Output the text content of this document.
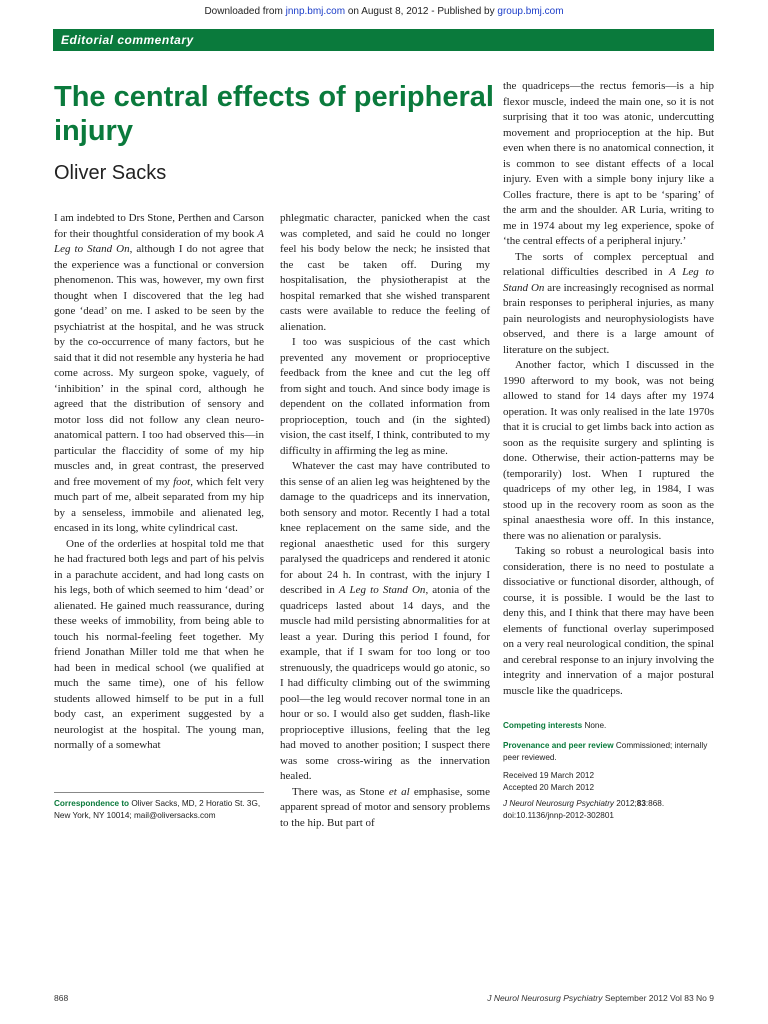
Downloaded from jnnp.bmj.com on August 8, 2012 - Published by group.bmj.com
Editorial commentary
The central effects of peripheral injury
Oliver Sacks

I am indebted to Drs Stone, Perthen and Carson for their thoughtful consideration of my book A Leg to Stand On, although I do not agree that the experience was a functional or conversion phenomenon. This was, however, my own first thought when I discovered that the leg had gone ‘dead’ on me. I asked to be seen by the psychiatrist at the hospital, and he was struck by the co-occurrence of many factors, but he said that it did not resemble any hysteria he had come across. My surgeon spoke, vaguely, of ‘inhibition’ in the spinal cord, although he agreed that the distribution of sensory and motor loss did not follow any clean neuro-anatomical pattern. I too had observed this—in particular the flaccidity of some of my hip muscles and, in great contrast, the preserved and free movement of my foot, which felt very much part of me, albeit separated from my hip by a senseless, immobile and alienated leg, encased in its long, white cylindrical cast.

One of the orderlies at hospital told me that he had fractured both legs and part of his pelvis in a parachute accident, and had long casts on his legs, both of which seemed to him ‘dead’ or alienated. He gained much reassurance, during these weeks of immobility, from being able to touch his normal-feeling feet together. My friend Jonathan Miller told me that when he had been in medical school (we qualified at much the same time), one of his fellow students allowed himself to be put in a full body cast, an experiment suggested by a neurologist at the hospital. The young man, normally of a somewhat

phlegmatic character, panicked when the cast was completed, and said he could no longer feel his body below the neck; he insisted that the cast be taken off. During my hospitalisation, the physiotherapist at the hospital remarked that she wished transparent casts were available to reduce the feeling of alienation.

I too was suspicious of the cast which prevented any movement or proprioceptive feedback from the knee and cut the leg off from sight and touch. And since body image is dependent on the collated information from proprioception, touch and (in the sighted) vision, the cast itself, I think, contributed to my difficulty in affirming the leg as mine.

Whatever the cast may have contributed to this sense of an alien leg was heightened by the damage to the quadriceps and its innervation, both sensory and motor. Recently I had a total knee replacement on the same side, and the regional anaesthetic used for this surgery paralysed the quadriceps and rendered it atonic for about 24 h. In contrast, with the injury I described in A Leg to Stand On, atonia of the quadriceps lasted about 14 days, and the muscle had mild persisting abnormalities for at least a year. During this period I found, for example, that if I swam for too long or too strenuously, the quadriceps would go atonic, so I had difficulty climbing out of the swimming pool—the leg would recover normal tone in an hour or so. I would also get sudden, flash-like proprioceptive illusions, feeling that the leg had moved to another position; I suspect there was some cross-wiring as the innervation healed.

There was, as Stone et al emphasise, some apparent spread of motor and sensory problems to the hip. But part of

the quadriceps—the rectus femoris—is a hip flexor muscle, indeed the main one, so it is not surprising that it too was atonic, undercutting movement and proprioception at the hip. But even when there is no anatomical connection, it is common to see distant effects of a local injury. Even with a simple bony injury like a Colles fracture, there is apt to be ‘sparing’ of the arm and the shoulder. AR Luria, writing to me in 1974 about my leg experience, spoke of ‘the central effects of a peripheral injury.’

The sorts of complex perceptual and relational difficulties described in A Leg to Stand On are increasingly recognised as normal brain responses to peripheral injuries, as many pain neurologists and neurophysiologists have observed, and there is a large amount of literature on the subject.

Another factor, which I discussed in the 1990 afterword to my book, was not being allowed to stand for 14 days after my 1974 operation. It was only realised in the late 1970s that it is crucial to get limbs back into action as soon as the requisite surgery and splinting is done. Otherwise, their action-patterns may be (temporarily) lost. When I ruptured the quadriceps of my other leg, in 1984, I was stood up in the recovery room as soon as the spinal anaesthesia wore off. In this instance, there was no alienation or paralysis.

Taking so robust a neurological basis into consideration, there is no need to postulate a dissociative or functional disorder, although, of course, it is possible. I would be the last to deny this, and I think that there may have been elements of functional overlay superimposed on a very real neurological condition, the spinal and cerebral response to an injury involving the integrity and innervation of a major postural muscle like the quadriceps.

Correspondence to Oliver Sacks, MD, 2 Horatio St. 3G, New York, NY 10014; mail@oliversacks.com
Competing interests None.
Provenance and peer review Commissioned; internally peer reviewed.
Received 19 March 2012
Accepted 20 March 2012
J Neurol Neurosurg Psychiatry 2012;83:868.
doi:10.1136/jnnp-2012-302801
868	J Neurol Neurosurg Psychiatry September 2012 Vol 83 No 9
